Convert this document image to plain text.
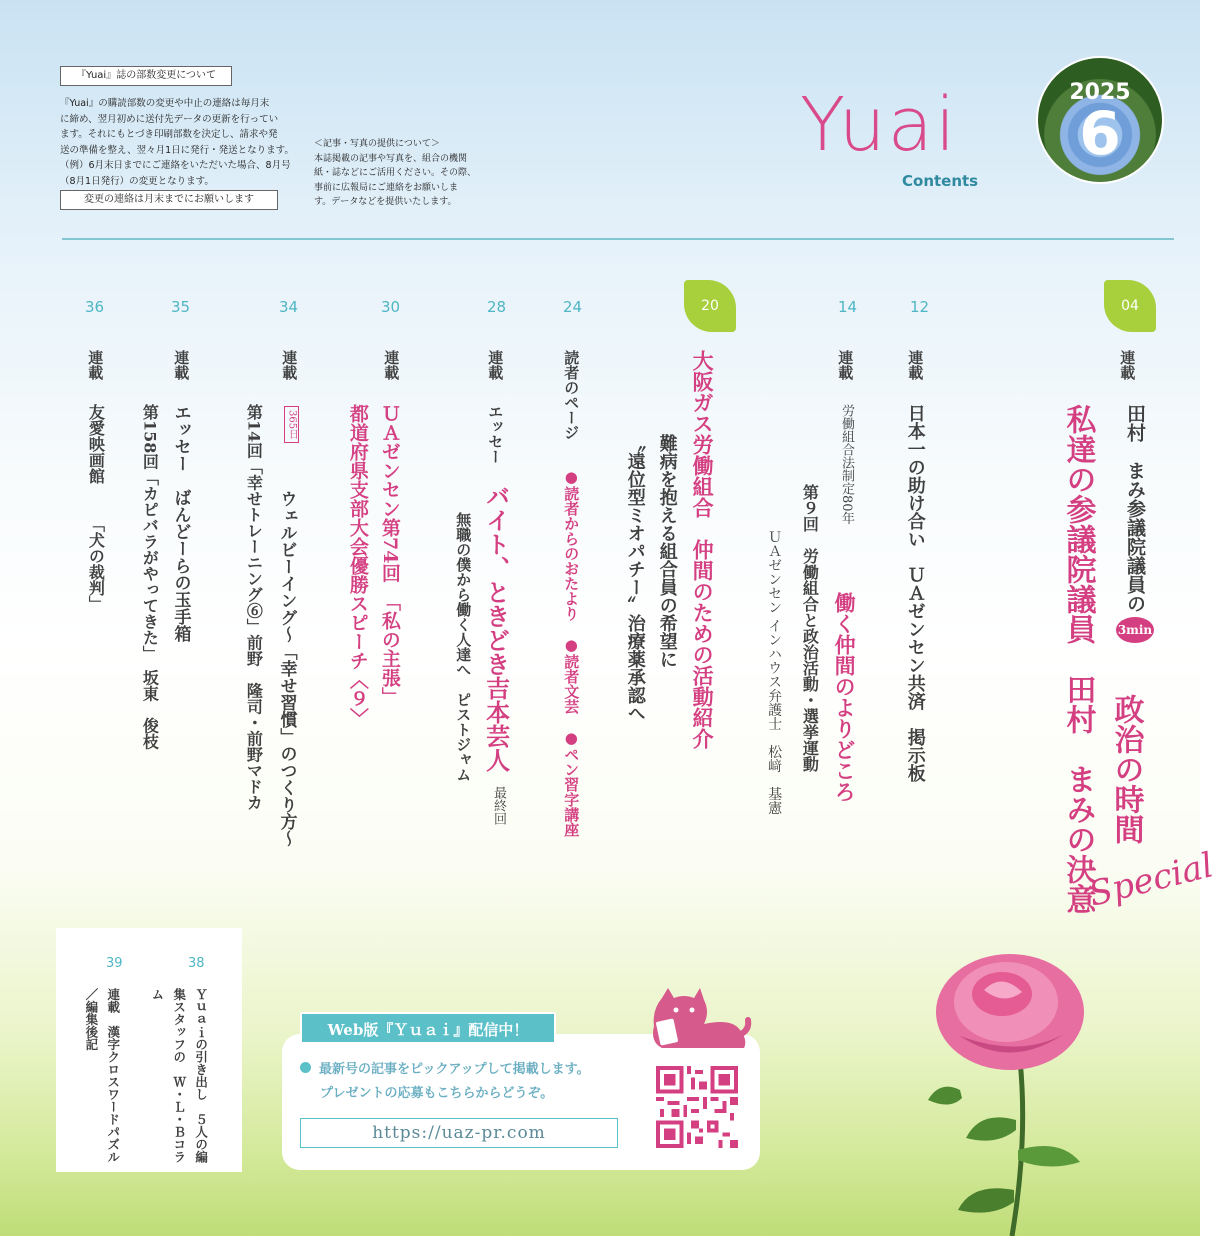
『Yuai』誌の部数変更について
『Yuai』の購読部数の変更や中止の連絡は毎月末
に締め、翌月初めに送付先データの更新を行ってい
ます。それにもとづき印刷部数を決定し、請求や発
送の準備を整え、翌々月1日に発行・発送となります。
（例）6月末日までにご連絡をいただいた場合、8月号
（8月1日発行）の変更となります。
変更の連絡は月末までにお願いします
＜記事・写真の提供について＞
本誌掲載の記事や写真を、組合の機関
紙・誌などにご活用ください。その際、
事前に広報局にご連絡をお願いしま
す。データなどを提供いたします。
Yuai
Contents
2025
6
04
12
14
20
24
28
30
34
35
36
連載
田村　まみ参議院議員の3min
政治の時間
私達の参議院議員　田村　まみの決意
Special
日本一の助け合い　ＵＡゼンセン共済　掲示板
連載
連載
労働組合法制定80年
働く仲間のよりどころ
第９回　労働組合と政治活動・選挙運動
ＵＡゼンセン インハウス弁護士　松﨑　基憲
大阪ガス労働組合　仲間のための活動紹介
難病を抱える組合員の希望に
〝遠位型ミオパチー〟治療薬承認へ
読者のページ
●読者からのおたより　●読者文芸　●ペン習字講座
連載
エッセー
バイト、ときどき吉本芸人
最終回
無職の僕から働く人達へ　ピストジャム
連載
ＵＡゼンセン第74回　「私の主張」
都道府県支部大会優勝スピーチ〈９〉
連載
365日
ウェルビーイング～「幸せ習慣」のつくり方～
第14回「幸せトレーニング⑥」前野　隆司・前野マドカ
連載
エッセー　ばんどーらの玉手箱
第158回「カピバラがやってきた」　坂東　俊枝
連載
友愛映画館
「犬の裁判」
38
39
Ｙｕａｉの引き出し　５人の編集スタッフの　Ｗ・Ｌ・Ｂコラム
連載　漢字クロスワードパズル／編集後記	Web版『Ｙｕａｉ』配信中！
最新号の記事をピックアップして掲載します。
プレゼントの応募もこちらからどうぞ。
https://uaz-pr.com
